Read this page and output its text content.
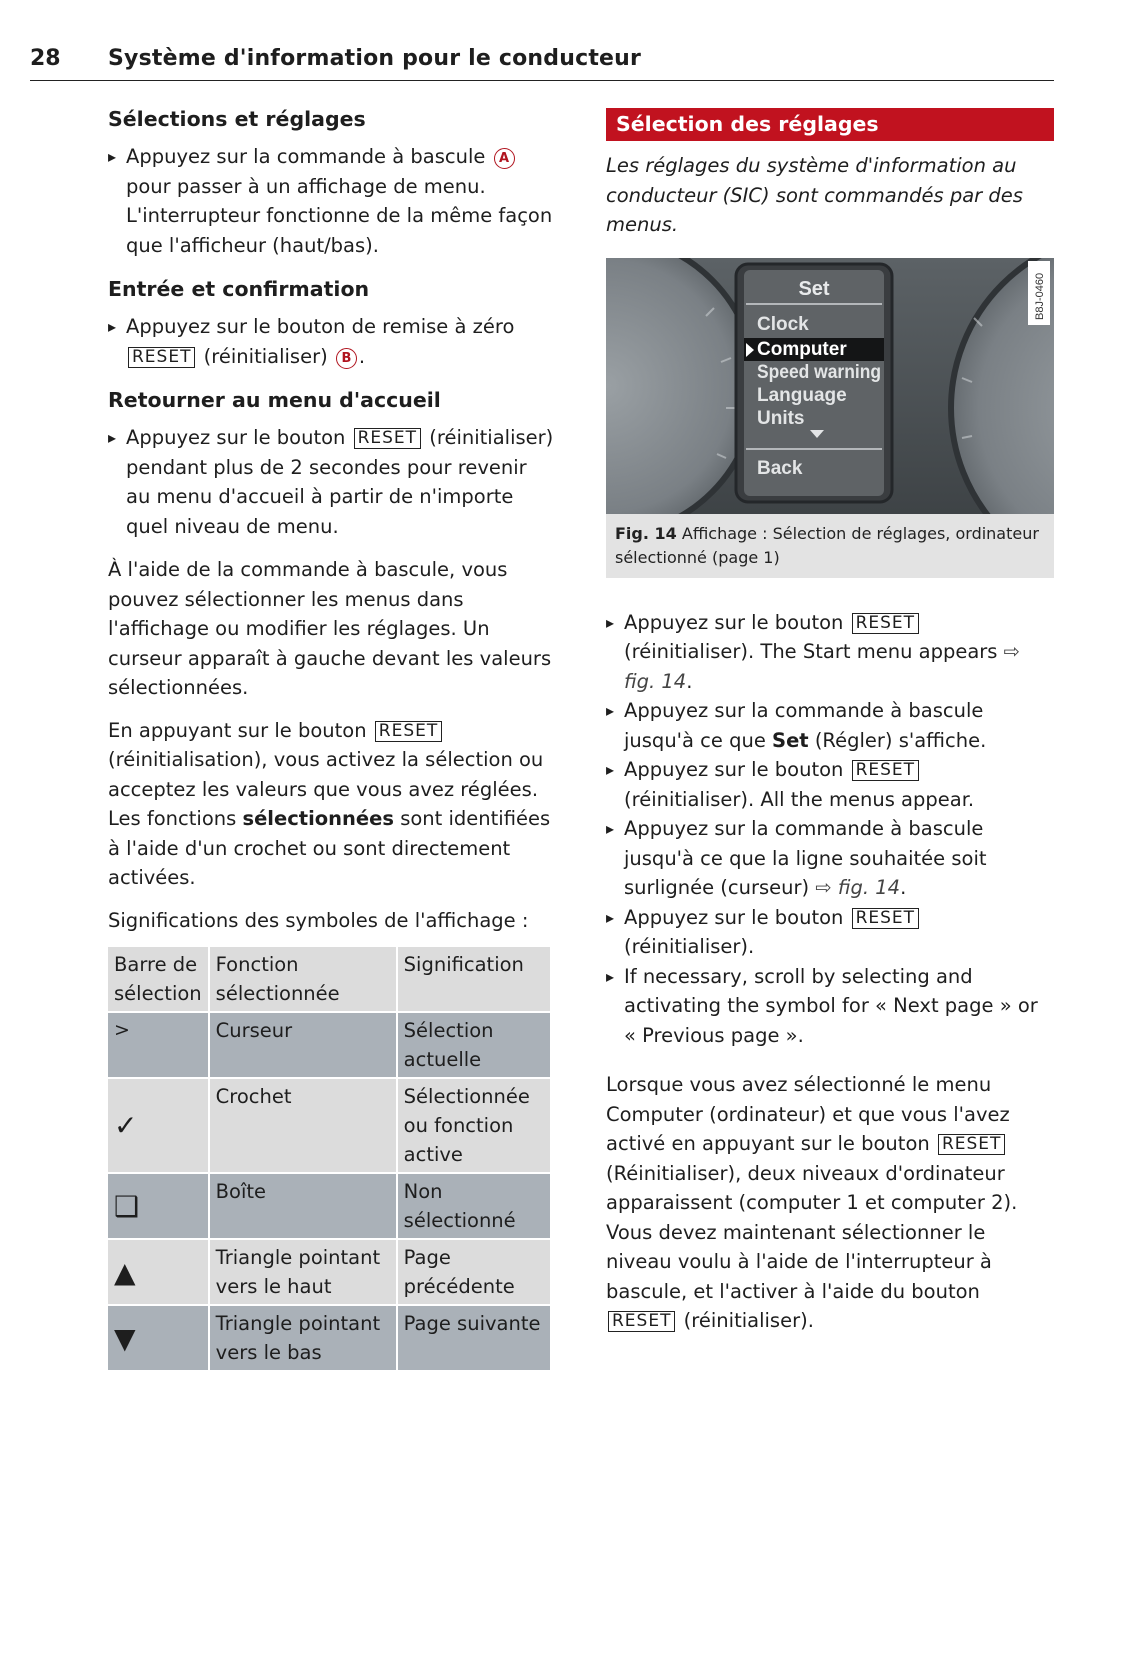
28 Système d'information pour le conducteur
Sélections et réglages
▸ Appuyez sur la commande à bascule A pour passer à un affichage de menu. L'interrupteur fonctionne de la même façon que l'afficheur (haut/bas).
Entrée et confirmation
▸ Appuyez sur le bouton de remise à zéro RESET (réinitialiser) B .
Retourner au menu d'accueil
▸ Appuyez sur le bouton RESET (réinitialiser) pendant plus de 2 secondes pour revenir au menu d'accueil à partir de n'importe quel niveau de menu.

À l'aide de la commande à bascule, vous pouvez sélectionner les menus dans l'affichage ou modifier les réglages. Un curseur apparaît à gauche devant les valeurs sélectionnées.

En appuyant sur le bouton RESET (réinitialisation), vous activez la sélection ou acceptez les valeurs que vous avez réglées. Les fonctions sélectionnées sont identifiées à l'aide d'un crochet ou sont directement activées.

Significations des symboles de l'affichage :

Barre de sélection	Fonction sélectionnée	Signification
>	Curseur	Sélection actuelle
✓	Crochet	Sélectionnée ou fonction active
❑	Boîte	Non sélectionné
▲	Triangle pointant vers le haut	Page précédente
▼	Triangle pointant vers le bas	Page suivante
Sélection des réglages
Les réglages du système d'information au conducteur (SIC) sont commandés par des menus.
Set
Clock
Computer
Speed warning
Language
Units
Back
B8J-0460
Fig. 14 Affichage : Sélection de réglages, ordinateur sélectionné (page 1)
▸ Appuyez sur le bouton RESET (réinitialiser). The Start menu appears ⇨ fig. 14.
▸ Appuyez sur la commande à bascule jusqu'à ce que Set (Régler) s'affiche.
▸ Appuyez sur le bouton RESET (réinitialiser). All the menus appear.
▸ Appuyez sur la commande à bascule jusqu'à ce que la ligne souhaitée soit surlignée (curseur) ⇨ fig. 14.
▸ Appuyez sur le bouton RESET (réinitialiser).
▸ If necessary, scroll by selecting and activating the symbol for « Next page » or « Previous page ».

Lorsque vous avez sélectionné le menu Computer (ordinateur) et que vous l'avez activé en appuyant sur le bouton RESET (Réinitialiser), deux niveaux d'ordinateur apparaissent (computer 1 et computer 2). Vous devez maintenant sélectionner le niveau voulu à l'aide de l'interrupteur à bascule, et l'activer à l'aide du bouton RESET (réinitialiser).
